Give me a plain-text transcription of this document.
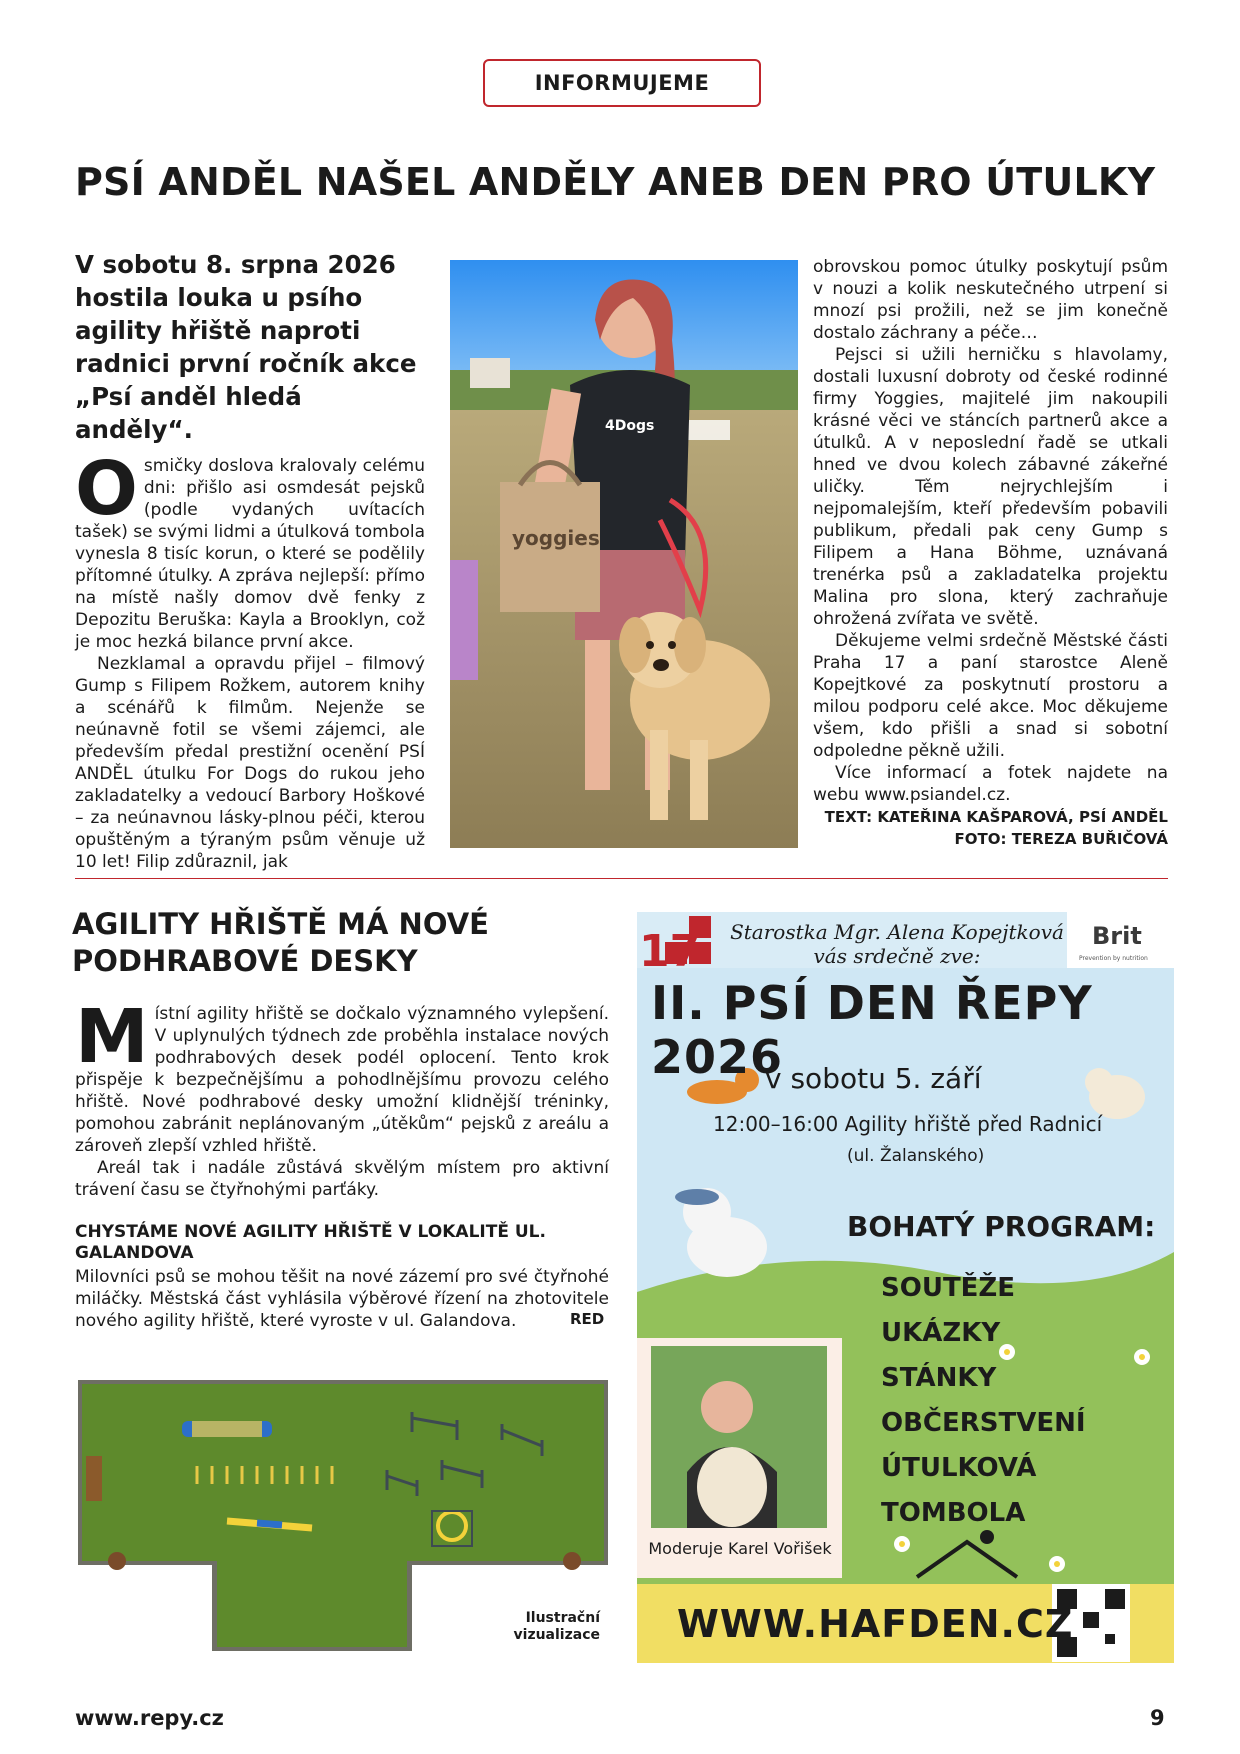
INFORMUJEME
PSÍ ANDĚL NAŠEL ANDĚLY ANEB DEN PRO ÚTULKY
V sobotu 8. srpna 2026 hostila louka u psího agility hřiště naproti radnici první ročník akce „Psí anděl hledá anděly“.

Osmičky doslova kralovaly celému dni: přišlo asi osmdesát pejsků (podle vydaných uvítacích tašek) se svými lidmi a útulková tombola vynesla 8 tisíc korun, o které se podělily přítomné útulky. A zpráva nejlepší: přímo na místě našly domov dvě fenky z Depozitu Beruška: Kayla a Brooklyn, což je moc hezká bilance první akce.

Nezklamal a opravdu přijel – filmový Gump s Filipem Rožkem, autorem knihy a scénářů k filmům. Nejenže se neúnavně fotil se všemi zájemci, ale především předal prestižní ocenění PSÍ ANDĚL útulku For Dogs do rukou jeho zakladatelky a vedoucí Barbory Hoškové – za neúnavnou lásky-plnou péči, kterou opuštěným a týraným psům věnuje už 10 let! Filip zdůraznil, jak

4Dogs
yoggies

obrovskou pomoc útulky poskytují psům v nouzi a kolik neskutečného utrpení si mnozí psi prožili, než se jim konečně dostalo záchrany a péče…

Pejsci si užili herničku s hlavolamy, dostali luxusní dobroty od české rodinné firmy Yoggies, majitelé jim nakoupili krásné věci ve stáncích partnerů akce a útulků. A v neposlední řadě se utkali hned ve dvou kolech zábavné zákeřné uličky. Těm nejrychlejším i nejpomalejším, kteří především pobavili publikum, předali pak ceny Gump s Filipem a Hana Böhme, uznávaná trenérka psů a zakladatelka projektu Malina pro slona, který zachraňuje ohrožená zvířata ve světě.

Děkujeme velmi srdečně Městské části Praha 17 a paní starostce Aleně Kopejtkové za poskytnutí prostoru a milou podporu celé akce. Moc děkujeme všem, kdo přišli a snad si sobotní odpoledne pěkně užili.

Více informací a fotek najdete na webu www.psiandel.cz.

TEXT: KATEŘINA KAŠPAROVÁ, PSÍ ANDĚL
FOTO: TEREZA BUŘIČOVÁ
AGILITY HŘIŠTĚ MÁ NOVÉ
PODHRABOVÉ DESKY

Místní agility hřiště se dočkalo významného vylepšení. V uplynulých týdnech zde proběhla instalace nových podhrabových desek podél oplocení. Tento krok přispěje k bezpečnějšímu a pohodlnějšímu provozu celého hřiště. Nové podhrabové desky umožní klidnější tréninky, pomohou zabránit neplánovaným „útěkům“ pejsků z areálu a zároveň zlepší vzhled hřiště.

Areál tak i nadále zůstává skvělým místem pro aktivní trávení času se čtyřnohými parťáky.

CHYSTÁME NOVÉ AGILITY HŘIŠTĚ V LOKALITĚ UL. GALANDOVA

Milovníci psů se mohou těšit na nové zázemí pro své čtyřnohé miláčky. Městská část vyhlásila výběrové řízení na zhotovitele nového agility hřiště, které vyroste v ul. Galandova.	RED
Ilustrační
vizualizace
17	Brit
Prevention by nutrition
Starostka Mgr. Alena Kopejtková
vás srdečně zve:
II. PSÍ DEN ŘEPY 2026
v sobotu 5. září
12:00–16:00 Agility hřiště před Radnicí
(ul. Žalanského)
BOHATÝ PROGRAM:
SOUTĚŽE
UKÁZKY
STÁNKY
OBČERSTVENÍ
ÚTULKOVÁ TOMBOLA
Moderuje Karel Vořišek
WWW.HAFDEN.CZ
www.repy.cz	9
